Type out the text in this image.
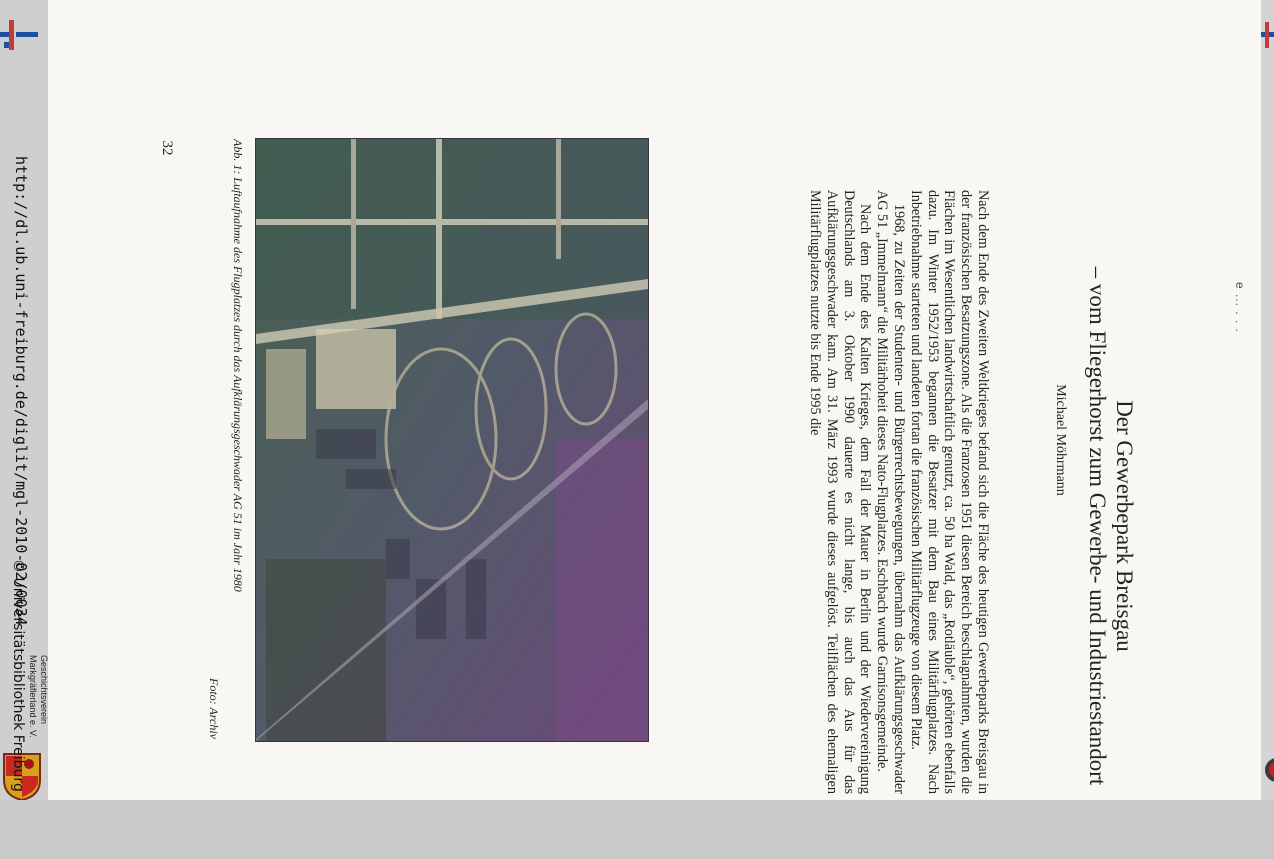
e ... . . .
Der Gewerbepark Breisgau
– vom Fliegerhorst zum Gewerbe- und Industriestandort
Michael Möhrmann

Nach dem Ende des Zweiten Weltkrieges befand sich die Fläche des heutigen Gewerbeparks Breisgau in der französischen Besatzungszone. Als die Franzosen 1951 diesen Bereich beschlagnahmten, wurden die Flächen im Wesentlichen landwirtschaftlich genutzt, ca. 50 ha Wald, das „Rotläuble“, gehörten ebenfalls dazu. Im Winter 1952/1953 begannen die Besatzer mit dem Bau eines Militärflugplatzes. Nach Inbetriebnahme starteten und landeten fortan die französischen Militärflugzeuge von diesem Platz.

1968, zu Zeiten der Studenten- und Bürgerrechtsbewegungen, übernahm das Aufklärungsgeschwader AG 51 „Immelmann“ die Militärhoheit dieses Nato-Flugplatzes. Eschbach wurde Garnisonsgemeinde.

Nach dem Ende des Kalten Krieges, dem Fall der Mauer in Berlin und der Wiedervereinigung Deutschlands am 3. Oktober 1990 dauerte es nicht lange, bis auch das Aus für das Aufklärungsgeschwader kam. Am 31. März 1993 wurde dieses aufgelöst. Teilflächen des ehemaligen Militärflugplatzes nutzte bis Ende 1995 die

Abb. 1: Luftaufnahme des Flugplatzes durch das Aufklärungsgeschwader AG 51 im Jahr 1980
Foto: Archiv
32
http://dl.ub.uni-freiburg.de/diglit/mgl-2010-02/0034
© Universitätsbibliothek Freiburg Geschichtsverein
Markgräflerland e. V.
